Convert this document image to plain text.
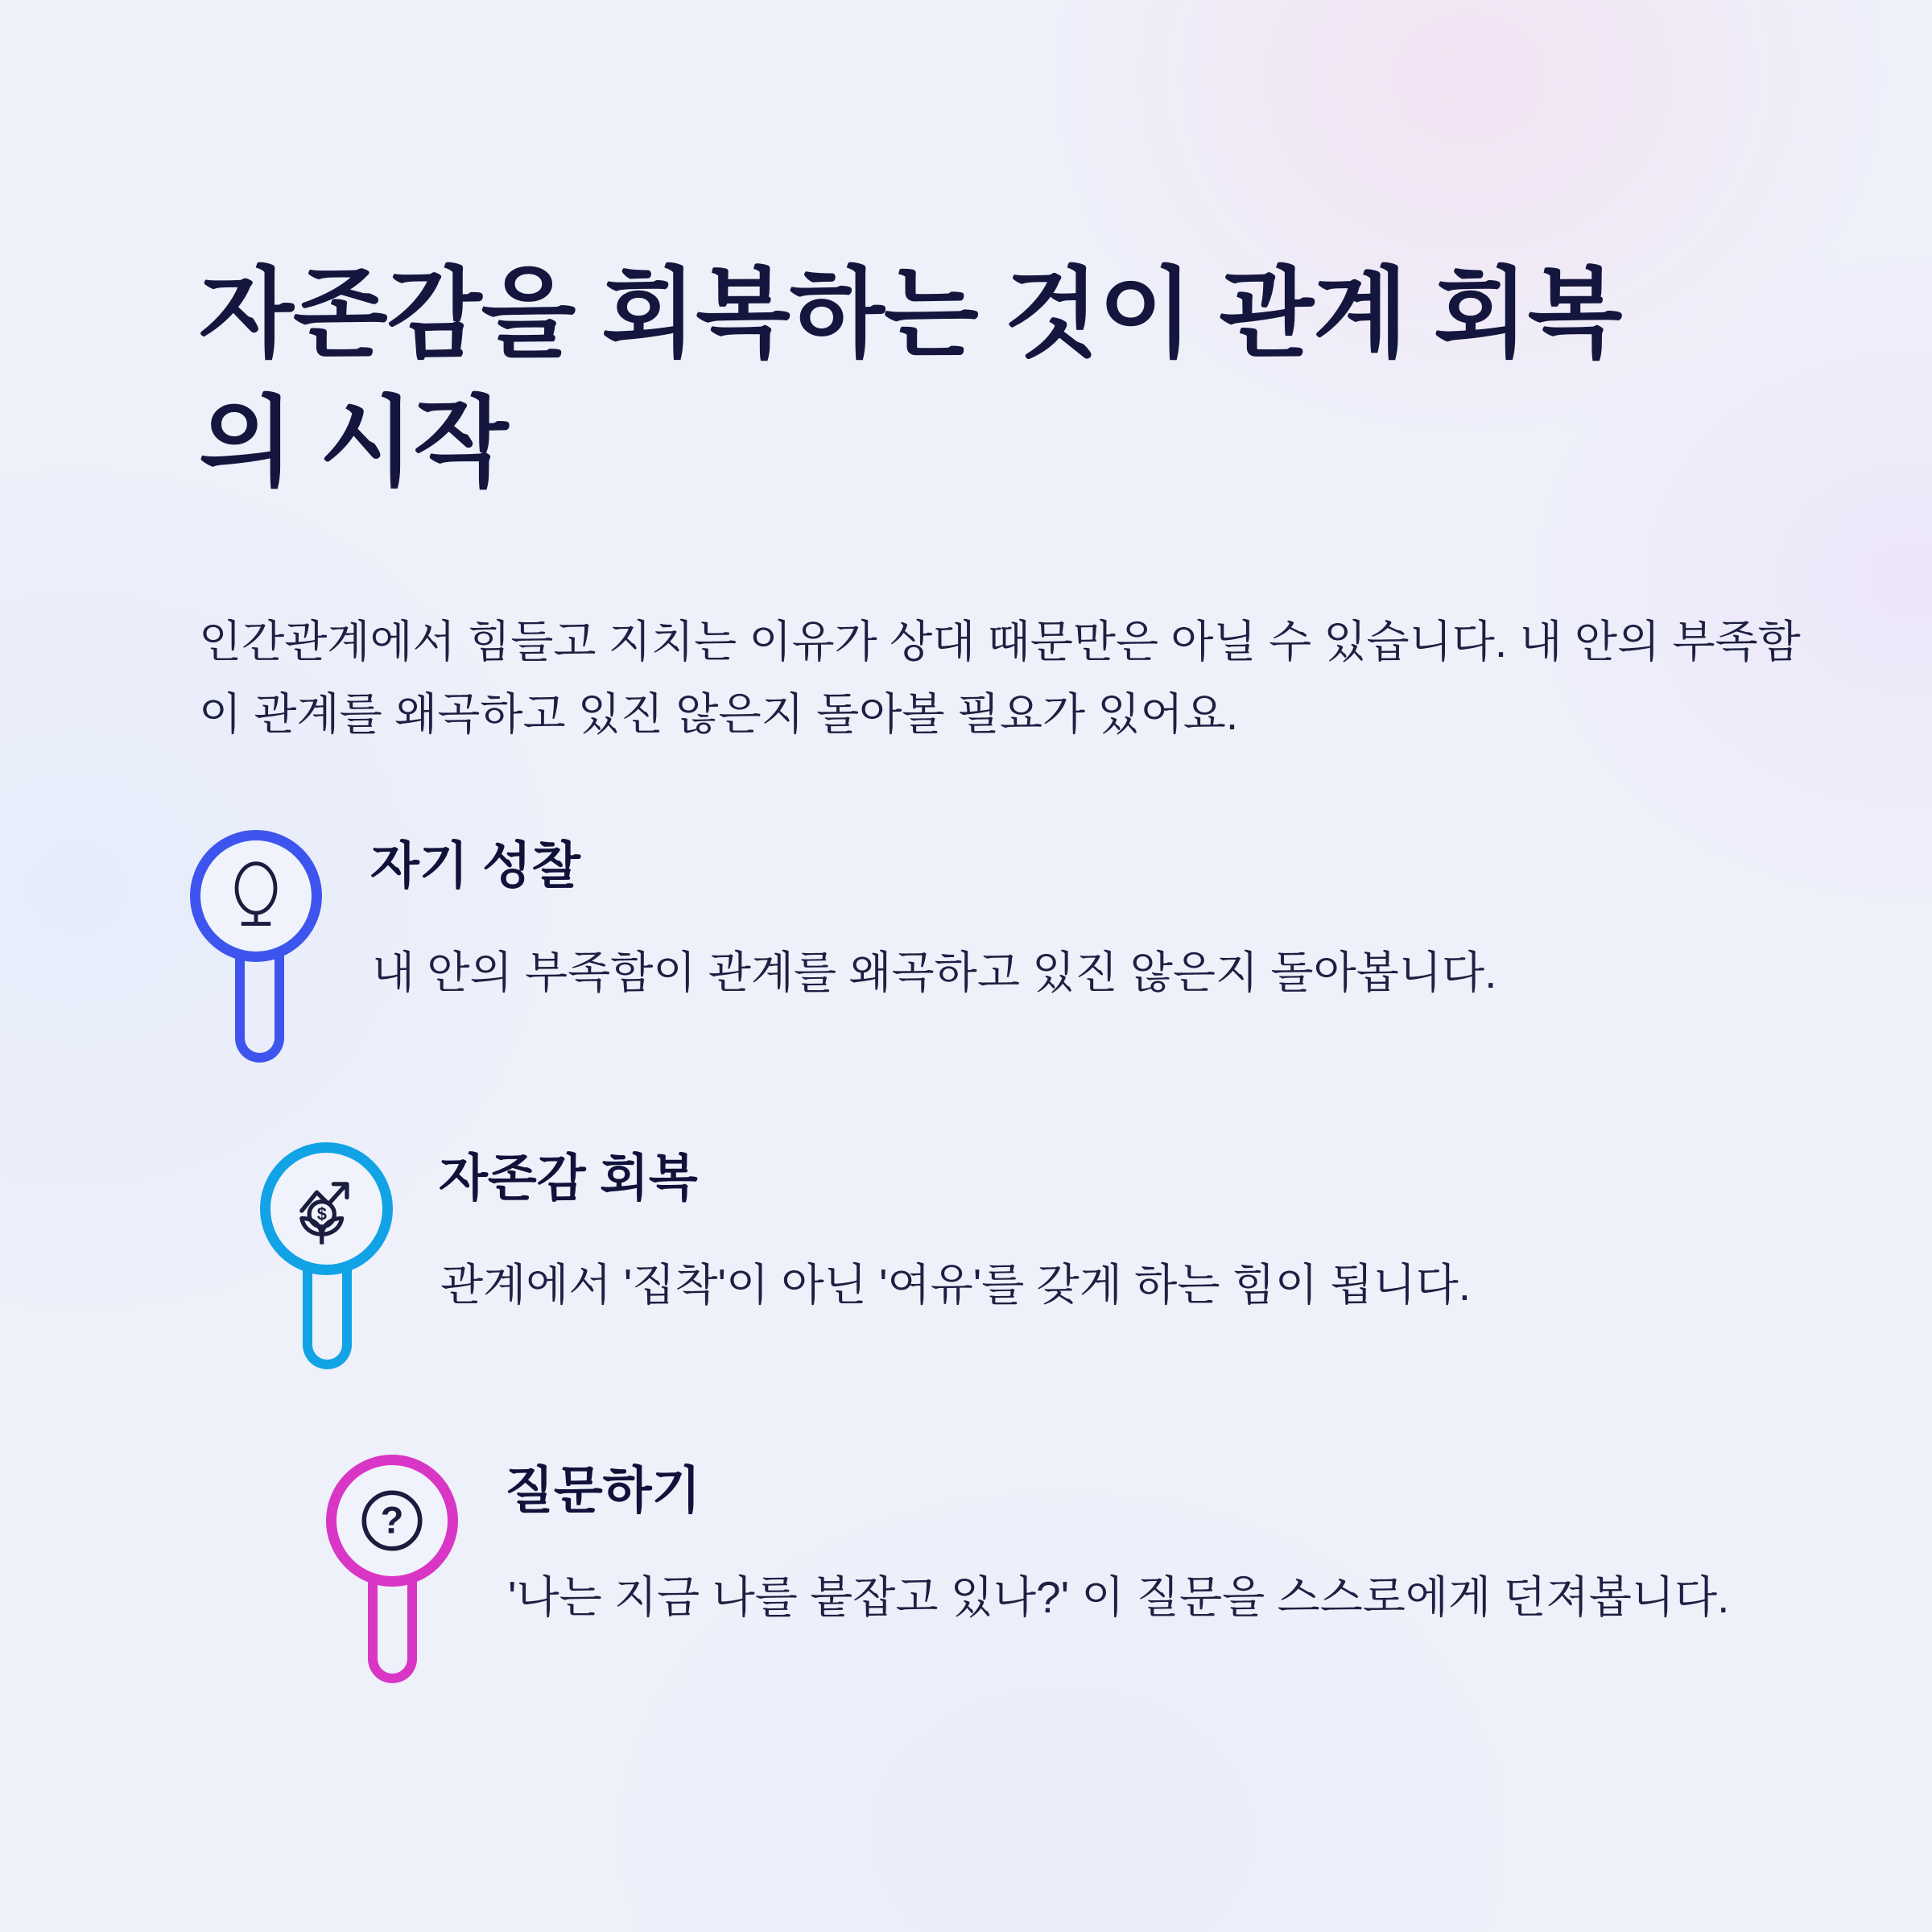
자존감을 회복하는 것이 관계 회복
의 시작
인간관계에서 힘들고 지치는 이유가 상대 때문만은 아닐 수 있습니다. 내 안의 부족함
이 관계를 왜곡하고 있진 않은지 돌아볼 필요가 있어요.
자기 성찰
내 안의 부족함이 관계를 왜곡하고 있진 않은지 돌아봅니다.
$
자존감 회복
관계에서 '집착'이 아닌 '여유'를 갖게 하는 힘이 됩니다.
?
질문하기
'나는 지금 나를 붙잡고 있나?' 이 질문을 스스로에게 던져봅니다.
